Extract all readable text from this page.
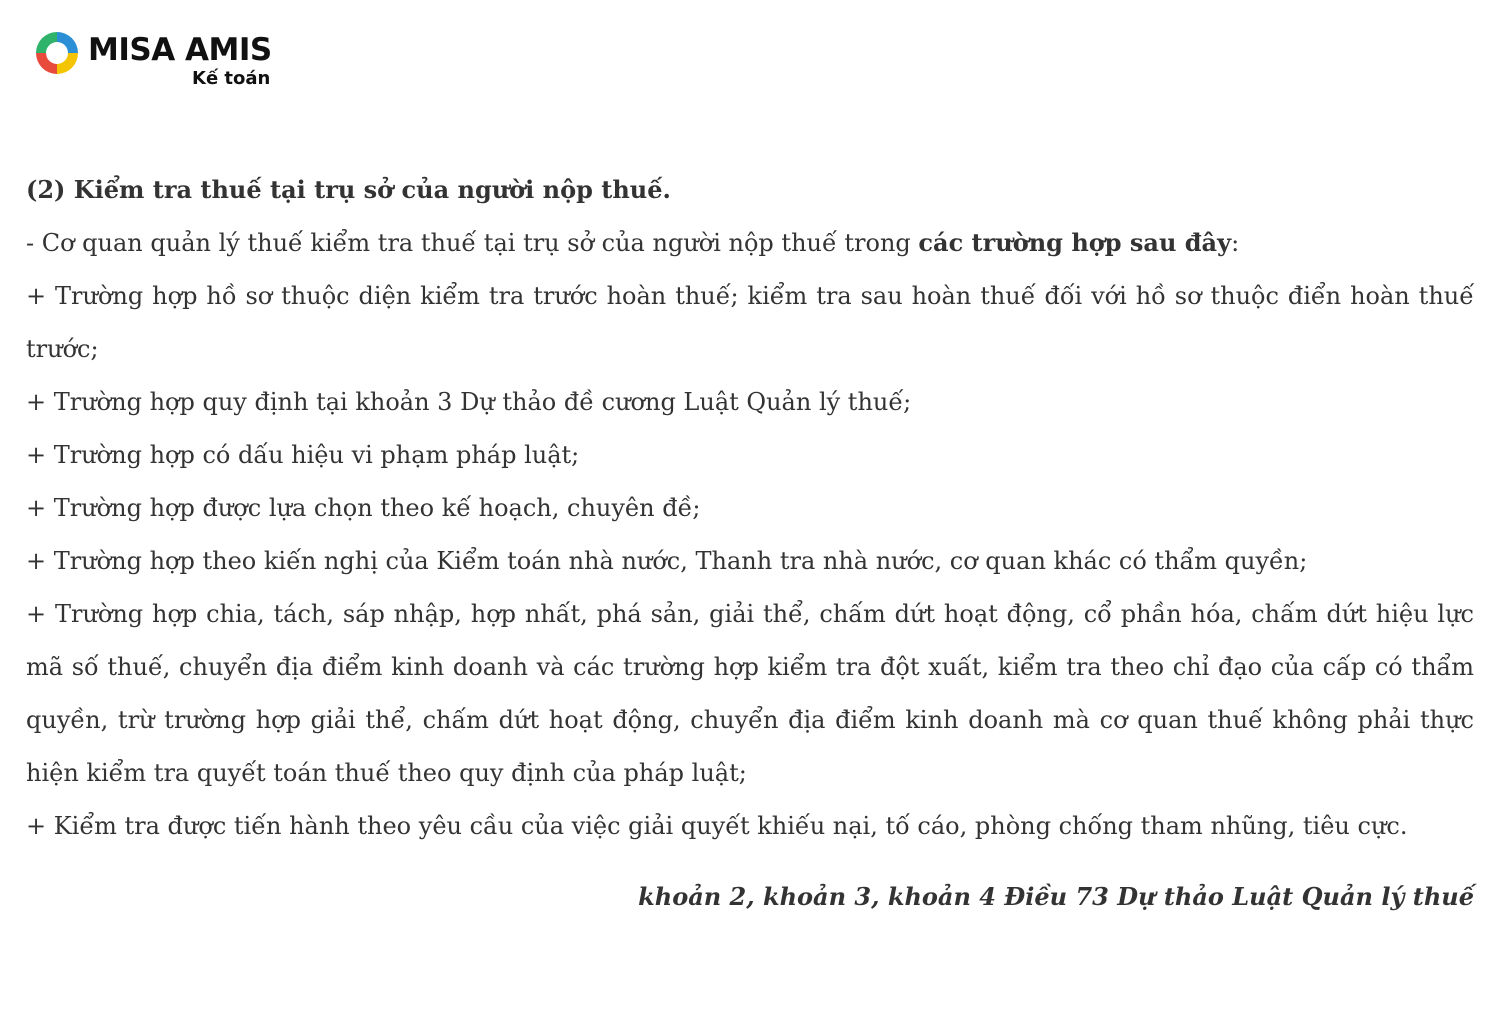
MISA AMIS
Kế toán

(2) Kiểm tra thuế tại trụ sở của người nộp thuế.

- Cơ quan quản lý thuế kiểm tra thuế tại trụ sở của người nộp thuế trong các trường hợp sau đây:

+ Trường hợp hồ sơ thuộc diện kiểm tra trước hoàn thuế; kiểm tra sau hoàn thuế đối với hồ sơ thuộc điển hoàn thuế trước;

+ Trường hợp quy định tại khoản 3 Dự thảo đề cương Luật Quản lý thuế;

+ Trường hợp có dấu hiệu vi phạm pháp luật;

+ Trường hợp được lựa chọn theo kế hoạch, chuyên đề;

+ Trường hợp theo kiến nghị của Kiểm toán nhà nước, Thanh tra nhà nước, cơ quan khác có thẩm quyền;

+ Trường hợp chia, tách, sáp nhập, hợp nhất, phá sản, giải thể, chấm dứt hoạt động, cổ phần hóa, chấm dứt hiệu lực mã số thuế, chuyển địa điểm kinh doanh và các trường hợp kiểm tra đột xuất, kiểm tra theo chỉ đạo của cấp có thẩm quyền, trừ trường hợp giải thể, chấm dứt hoạt động, chuyển địa điểm kinh doanh mà cơ quan thuế không phải thực hiện kiểm tra quyết toán thuế theo quy định của pháp luật;

+ Kiểm tra được tiến hành theo yêu cầu của việc giải quyết khiếu nại, tố cáo, phòng chống tham nhũng, tiêu cực.

khoản 2, khoản 3, khoản 4 Điều 73 Dự thảo Luật Quản lý thuế
